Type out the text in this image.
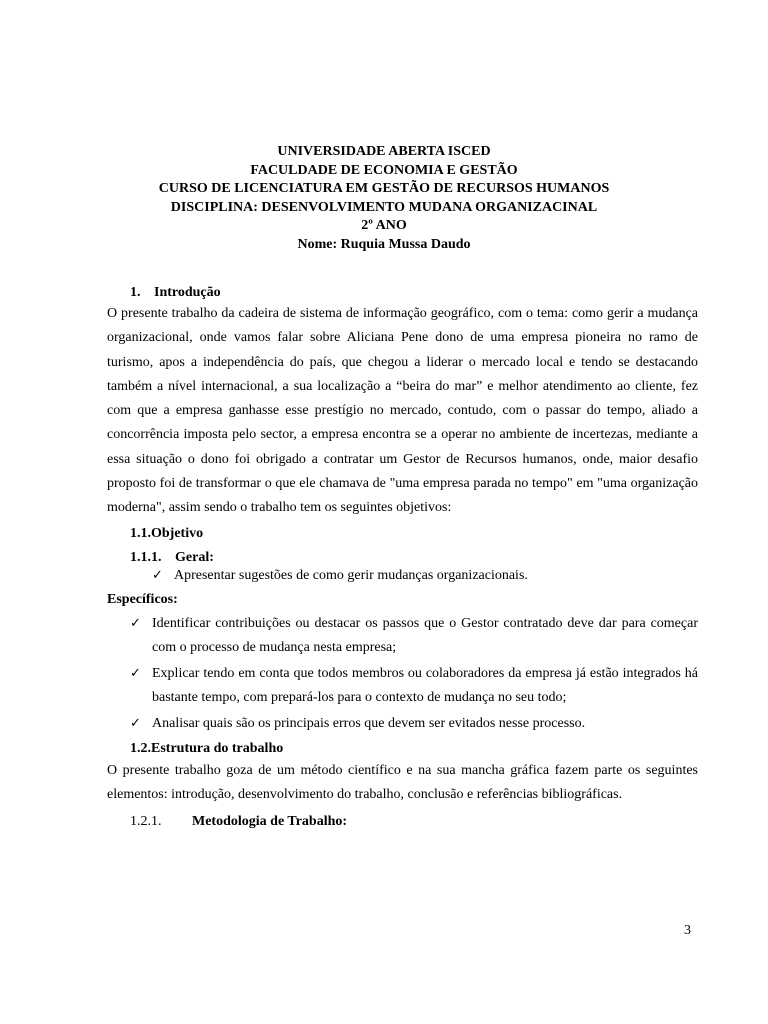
UNIVERSIDADE ABERTA ISCED
FACULDADE DE ECONOMIA E GESTÃO
CURSO DE LICENCIATURA EM GESTÃO DE RECURSOS HUMANOS
DISCIPLINA: DESENVOLVIMENTO MUDANA ORGANIZACINAL
2º ANO
Nome: Ruquia Mussa Daudo
1. Introdução

O presente trabalho da cadeira de sistema de informação geográfico, com o tema: como gerir a mudança organizacional, onde vamos falar sobre Aliciana Pene dono de uma empresa pioneira no ramo de turismo, apos a independência do país, que chegou a liderar o mercado local e tendo se destacando também a nível internacional, a sua localização a “beira do mar” e melhor atendimento ao cliente, fez com que a empresa ganhasse esse prestígio no mercado, contudo, com o passar do tempo, aliado a concorrência imposta pelo sector, a empresa encontra se a operar no ambiente de incertezas, mediante a essa situação o dono foi obrigado a contratar um Gestor de Recursos humanos, onde, maior desafio proposto foi de transformar o que ele chamava de "uma empresa parada no tempo" em "uma organização moderna", assim sendo o trabalho tem os seguintes objetivos:

1.1.Objetivo
1.1.1. Geral:
✓ Apresentar sugestões de como gerir mudanças organizacionais.
Específicos:
✓ Identificar contribuições ou destacar os passos que o Gestor contratado deve dar para começar com o processo de mudança nesta empresa;
✓ Explicar tendo em conta que todos membros ou colaboradores da empresa já estão integrados há bastante tempo, com prepará-los para o contexto de mudança no seu todo;
✓ Analisar quais são os principais erros que devem ser evitados nesse processo.
1.2.Estrutura do trabalho

O presente trabalho goza de um método científico e na sua mancha gráfica fazem parte os seguintes elementos: introdução, desenvolvimento do trabalho, conclusão e referências bibliográficas.

1.2.1. Metodologia de Trabalho:
3
